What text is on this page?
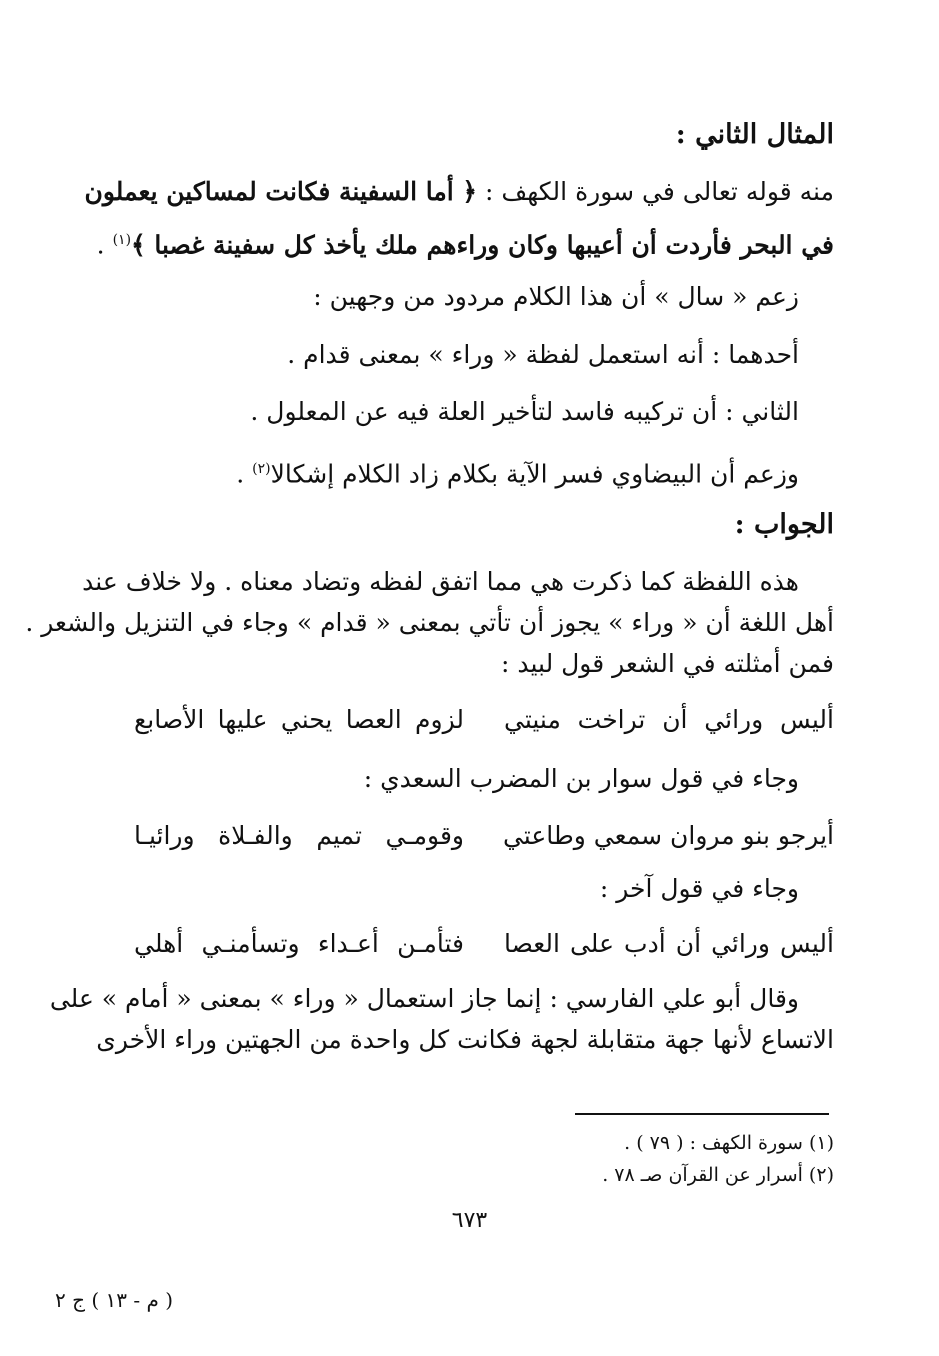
المثال الثاني :
منه قوله تعالى في سورة الكهف : ﴿ أما السفينة فكانت لمساكين يعملون
في البحر فأردت أن أعيبها وكان وراءهم ملك يأخذ كل سفينة غصبا ﴾$^{(١)}$ .
زعم « سال » أن هذا الكلام مردود من وجهين :
أحدهما : أنه استعمل لفظة « وراء » بمعنى قدام .
الثاني : أن تركيبه فاسد لتأخير العلة فيه عن المعلول .
وزعم أن البيضاوي فسر الآية بكلام زاد الكلام إشكالا$^{(٢)}$ .
الجواب :
هذه اللفظة كما ذكرت هي مما اتفق لفظه وتضاد معناه . ولا خلاف عند
أهل اللغة أن « وراء » يجوز أن تأتي بمعنى « قدام » وجاء في التنزيل والشعر .
فمن أمثلته في الشعر قول لبيد :
أليس ورائي أن تراخت منيتي
لزوم العصا يحني عليها الأصابع
وجاء في قول سوار بن المضرب السعدي :
أيرجو بنو مروان سمعي وطاعتي
وقومـي تميم والفـلاة ورائيـا
وجاء في قول آخر :
أليس ورائي أن أدب على العصا
فتأمـن أعـداء وتسأمنـي أهلي
وقال أبو علي الفارسي : إنما جاز استعمال « وراء » بمعنى « أمام » على
الاتساع لأنها جهة متقابلة لجهة فكانت كل واحدة من الجهتين وراء الأخرى
(١) سورة الكهف : ( ٧٩ ) .
(٢) أسرار عن القرآن صـ ٧٨ .
٦٧٣
( م - ١٣ ) ج ٢
